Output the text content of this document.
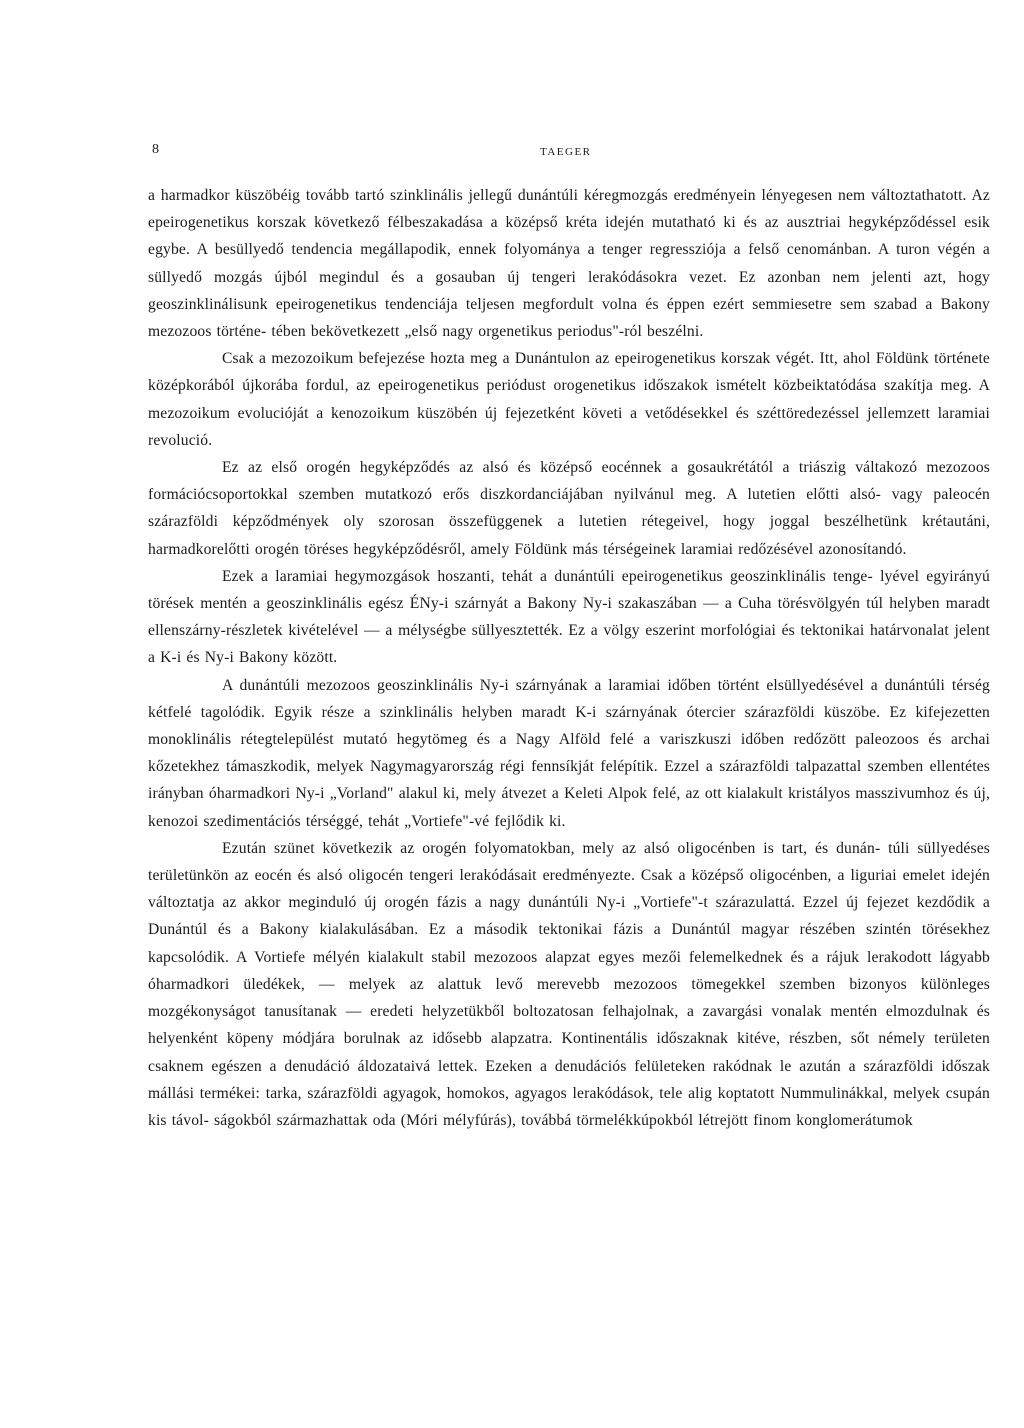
8	TAEGER

a harmadkor küszöbéig tovább tartó szinklinális jellegű dunántúli kéregmozgás eredményein lényegesen nem változtathatott. Az epeirogenetikus korszak következő félbeszakadása a középső kréta idején mutatható ki és az ausztriai hegyképződéssel esik egybe. A besüllyedő tendencia megállapodik, ennek folyománya a tenger regressziója a felső cenománban. A turon végén a süllyedő mozgás újból megindul és a gosauban új tengeri lerakódásokra vezet. Ez azonban nem jelenti azt, hogy geoszinklinálisunk epeirogenetikus tendenciája teljesen megfordult volna és éppen ezért semmiesetre sem szabad a Bakony mezozoos történe- tében bekövetkezett „első nagy orgenetikus periodus"-ról beszélni.

Csak a mezozoikum befejezése hozta meg a Dunántulon az epeirogenetikus korszak végét. Itt, ahol Földünk története középkorából újkorába fordul, az epeirogenetikus periódust orogenetikus időszakok ismételt közbeiktatódása szakítja meg. A mezozoikum evolucióját a kenozoikum küszöbén új fejezetként követi a vetődésekkel és széttöredezéssel jellemzett laramiai revolució.

Ez az első orogén hegyképződés az alsó és középső eocénnek a gosaukrétától a triászig váltakozó mezozoos formációcsoportokkal szemben mutatkozó erős diszkordanciájában nyilvánul meg. A lutetien előtti alsó- vagy paleocén szárazföldi képződmények oly szorosan összefüggenek a lutetien rétegeivel, hogy joggal beszélhetünk krétautáni, harmadkorelőtti orogén töréses hegyképződésről, amely Földünk más térségeinek laramiai redőzésével azonosítandó.

Ezek a laramiai hegymozgások hoszanti, tehát a dunántúli epeirogenetikus geoszinklinális tenge- lyével egyirányú törések mentén a geoszinklinális egész ÉNy-i szárnyát a Bakony Ny-i szakaszában — a Cuha törésvölgyén túl helyben maradt ellenszárny-részletek kivételével — a mélységbe süllyesztették. Ez a völgy eszerint morfológiai és tektonikai határvonalat jelent a K-i és Ny-i Bakony között.

A dunántúli mezozoos geoszinklinális Ny-i szárnyának a laramiai időben történt elsüllyedésével a dunántúli térség kétfelé tagolódik. Egyik része a szinklinális helyben maradt K-i szárnyának ótercier szárazföldi küszöbe. Ez kifejezetten monoklinális rétegtelepülést mutató hegytömeg és a Nagy Alföld felé a variszkuszi időben redőzött paleozoos és archai kőzetekhez támaszkodik, melyek Nagymagyarország régi fennsíkját felépítik. Ezzel a szárazföldi talpazattal szemben ellentétes irányban óharmadkori Ny-i „Vorland" alakul ki, mely átvezet a Keleti Alpok felé, az ott kialakult kristályos masszivumhoz és új, kenozoi szedimentációs térséggé, tehát „Vortiefe"-vé fejlődik ki.

Ezután szünet következik az orogén folyomatokban, mely az alsó oligocénben is tart, és dunán- túli süllyedéses területünkön az eocén és alsó oligocén tengeri lerakódásait eredményezte. Csak a középső oligocénben, a liguriai emelet idején változtatja az akkor meginduló új orogén fázis a nagy dunántúli Ny-i „Vortiefe"-t szárazulattá. Ezzel új fejezet kezdődik a Dunántúl és a Bakony kialakulásában. Ez a második tektonikai fázis a Dunántúl magyar részében szintén törésekhez kapcsolódik. A Vortiefe mélyén kialakult stabil mezozoos alapzat egyes mezői felemelkednek és a rájuk lerakodott lágyabb óharmadkori üledékek, — melyek az alattuk levő merevebb mezozoos tömegekkel szemben bizonyos különleges mozgékonyságot tanusítanak — eredeti helyzetükből boltozatosan felhajolnak, a zavargási vonalak mentén elmozdulnak és helyenként köpeny módjára borulnak az idősebb alapzatra. Kontinentális időszaknak kitéve, részben, sőt némely területen csaknem egészen a denudáció áldozataivá lettek. Ezeken a denudációs felületeken rakódnak le azután a szárazföldi időszak mállási termékei: tarka, szárazföldi agyagok, homokos, agyagos lerakódások, tele alig koptatott Nummulinákkal, melyek csupán kis távol- ságokból származhattak oda (Móri mélyfúrás), továbbá törmelékkúpokból létrejött finom konglomerátumok
